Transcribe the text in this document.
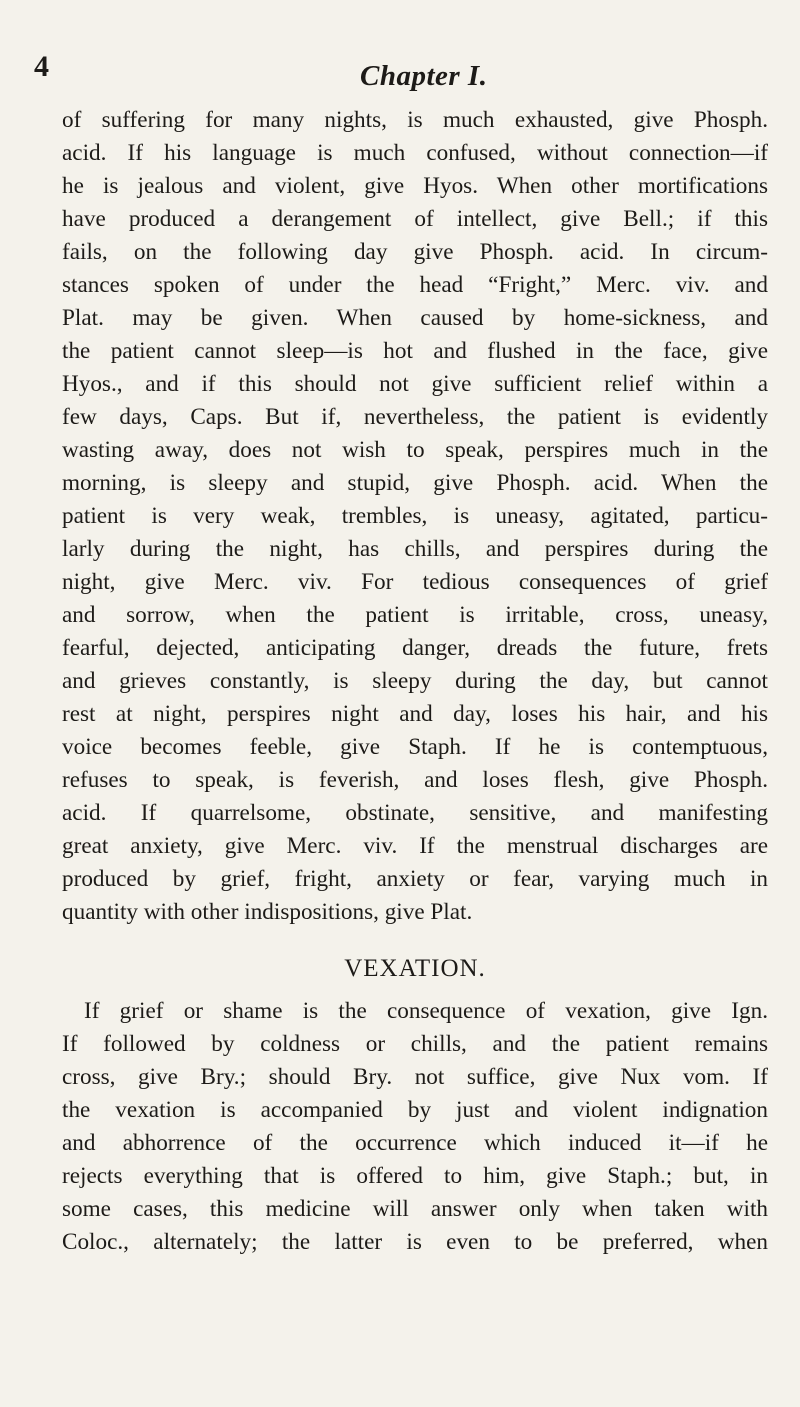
4	Chapter I.
of suffering for many nights, is much exhausted, give Phosph.
acid. If his language is much confused, without connection—if
he is jealous and violent, give Hyos. When other mortifications
have produced a derangement of intellect, give Bell.; if this
fails, on the following day give Phosph. acid. In circum-
stances spoken of under the head “Fright,” Merc. viv. and
Plat. may be given. When caused by home-sickness, and
the patient cannot sleep—is hot and flushed in the face, give
Hyos., and if this should not give sufficient relief within a
few days, Caps. But if, nevertheless, the patient is evidently
wasting away, does not wish to speak, perspires much in the
morning, is sleepy and stupid, give Phosph. acid. When the
patient is very weak, trembles, is uneasy, agitated, particu-
larly during the night, has chills, and perspires during the
night, give Merc. viv. For tedious consequences of grief
and sorrow, when the patient is irritable, cross, uneasy,
fearful, dejected, anticipating danger, dreads the future, frets
and grieves constantly, is sleepy during the day, but cannot
rest at night, perspires night and day, loses his hair, and his
voice becomes feeble, give Staph. If he is contemptuous,
refuses to speak, is feverish, and loses flesh, give Phosph.
acid. If quarrelsome, obstinate, sensitive, and manifesting
great anxiety, give Merc. viv. If the menstrual discharges are
produced by grief, fright, anxiety or fear, varying much in
quantity with other indispositions, give Plat.
VEXATION.
If grief or shame is the consequence of vexation, give Ign.
If followed by coldness or chills, and the patient remains
cross, give Bry.; should Bry. not suffice, give Nux vom. If
the vexation is accompanied by just and violent indignation
and abhorrence of the occurrence which induced it—if he
rejects everything that is offered to him, give Staph.; but, in
some cases, this medicine will answer only when taken with
Coloc., alternately; the latter is even to be preferred, when
